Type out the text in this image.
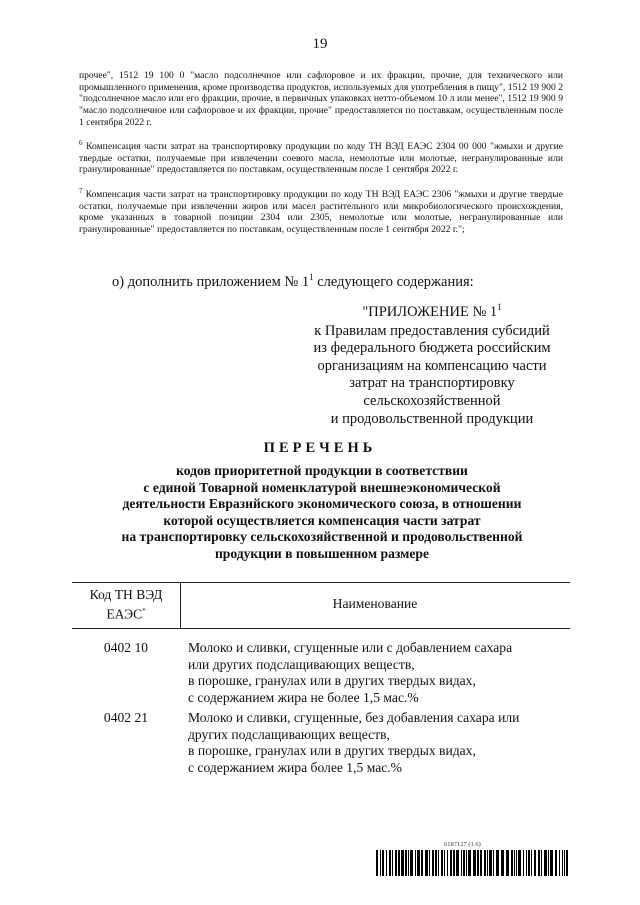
19
прочее", 1512 19 100 0 "масло подсолнечное или сафлоровое и их фракции, прочие, для технического или промышленного применения, кроме производства продуктов, используемых для употребления в пищу", 1512 19 900 2 "подсолнечное масло или его фракции, прочие, в первичных упаковках нетто-объемом 10 л или менее", 1512 19 900 9 "масло подсолнечное или сафлоровое и их фракции, прочие" предоставляется по поставкам, осуществленным после 1 сентября 2022 г.
$^6$ Компенсация части затрат на транспортировку продукции по коду ТН ВЭД ЕАЭС 2304 00 000 "жмыхи и другие твердые остатки, получаемые при извлечении соевого масла, немолотые или молотые, негранулированные или гранулированные" предоставляется по поставкам, осуществленным после 1 сентября 2022 г.
$^7$ Компенсация части затрат на транспортировку продукции по коду ТН ВЭД ЕАЭС 2306 "жмыхи и другие твердые остатки, получаемые при извлечении жиров или масел растительного или микробиологического происхождения, кроме указанных в товарной позиции 2304 или 2305, немолотые или молотые, негранулированные или гранулированные" предоставляется по поставкам, осуществленным после 1 сентября 2022 г.";
о) дополнить приложением № $1^1$ следующего содержания:
"ПРИЛОЖЕНИЕ № $1^1$
к Правилам предоставления субсидий
из федерального бюджета российским
организациям на компенсацию части
затрат на транспортировку
сельскохозяйственной
и продовольственной продукции
ПЕРЕЧЕНЬ
кодов приоритетной продукции в соответствии
с единой Товарной номенклатурой внешнеэкономической
деятельности Евразийского экономического союза, в отношении
которой осуществляется компенсация части затрат
на транспортировку сельскохозяйственной и продовольственной
продукции в повышенном размере
Код ТН ВЭД
ЕАЭС*	Наименование
0402 10	Молоко и сливки, сгущенные или с добавлением сахара
или других подслащивающих веществ,
в порошке, гранулах или в других твердых видах,
с содержанием жира не более 1,5 мас.%
0402 21	Молоко и сливки, сгущенные, без добавления сахара или
других подслащивающих веществ,
в порошке, гранулах или в других твердых видах,
с содержанием жира более 1,5 мас.%
6187127 (1.6)
